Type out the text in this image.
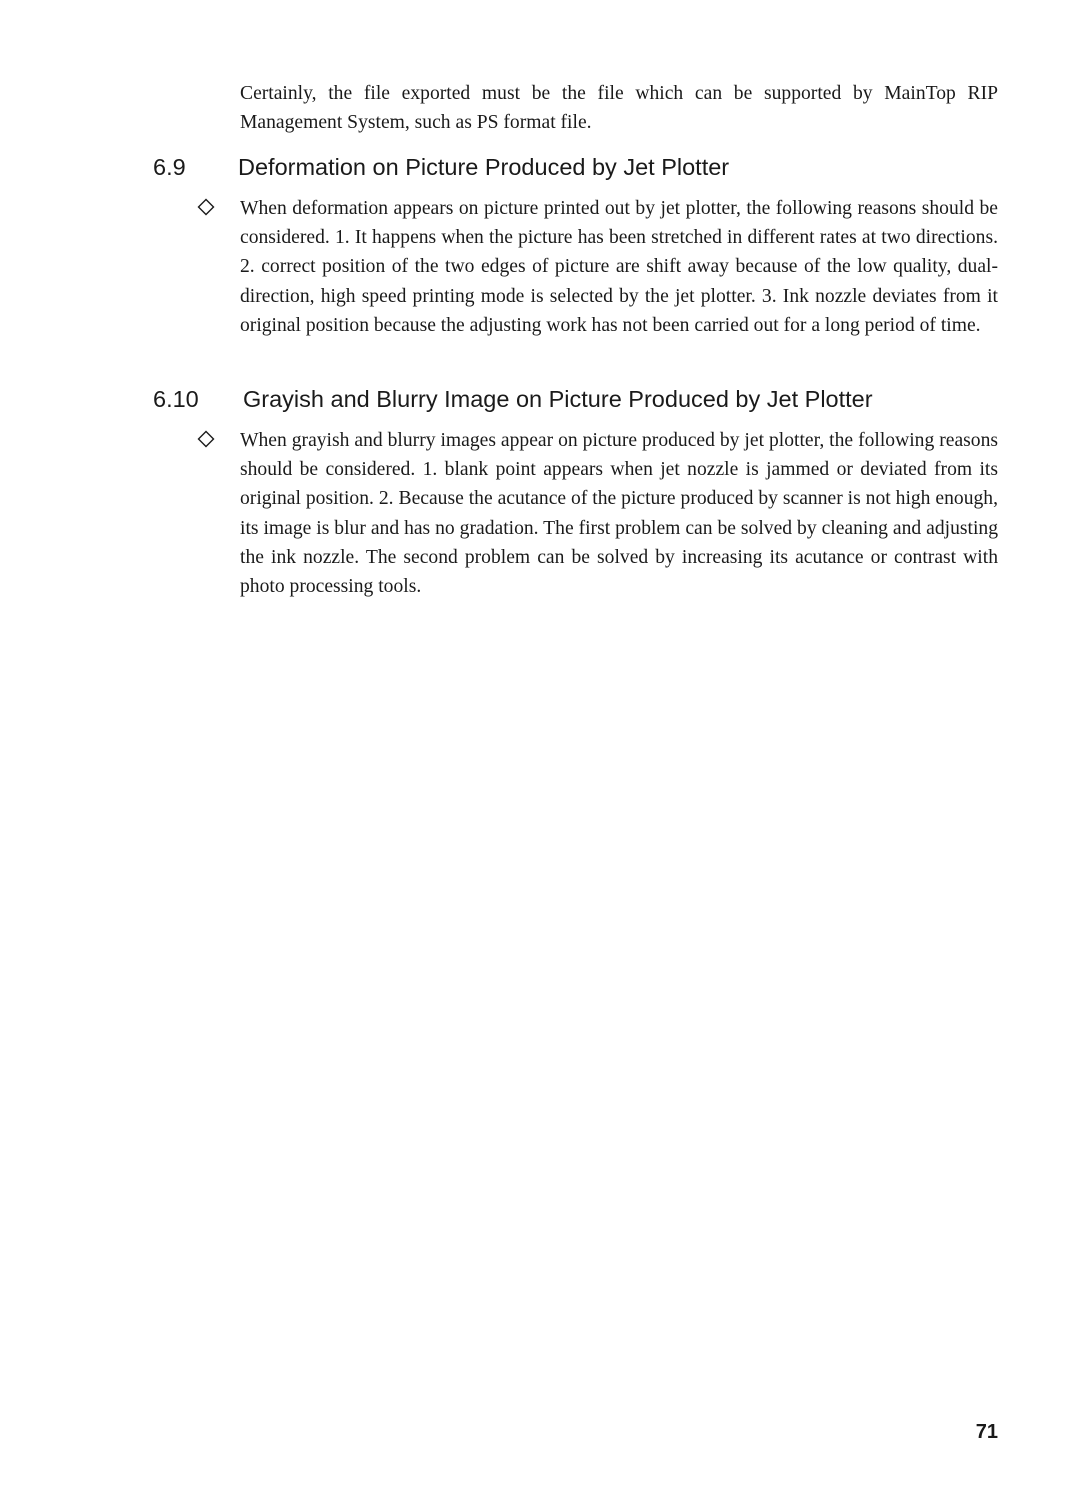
Certainly, the file exported must be the file which can be supported by MainTop RIP Management System, such as PS format file.

6.9 Deformation on Picture Produced by Jet Plotter

When deformation appears on picture printed out by jet plotter, the following reasons should be considered. 1. It happens when the picture has been stretched in different rates at two directions. 2. correct position of the two edges of picture are shift away because of the low quality, dual-direction, high speed printing mode is selected by the jet plotter. 3. Ink nozzle deviates from it original position because the adjusting work has not been carried out for a long period of time.

6.10 Grayish and Blurry Image on Picture Produced by Jet Plotter

When grayish and blurry images appear on picture produced by jet plotter, the following reasons should be considered. 1. blank point appears when jet nozzle is jammed or deviated from its original position. 2. Because the acutance of the picture produced by scanner is not high enough, its image is blur and has no gradation. The first problem can be solved by cleaning and adjusting the ink nozzle. The second problem can be solved by increasing its acutance or contrast with photo processing tools.

71
